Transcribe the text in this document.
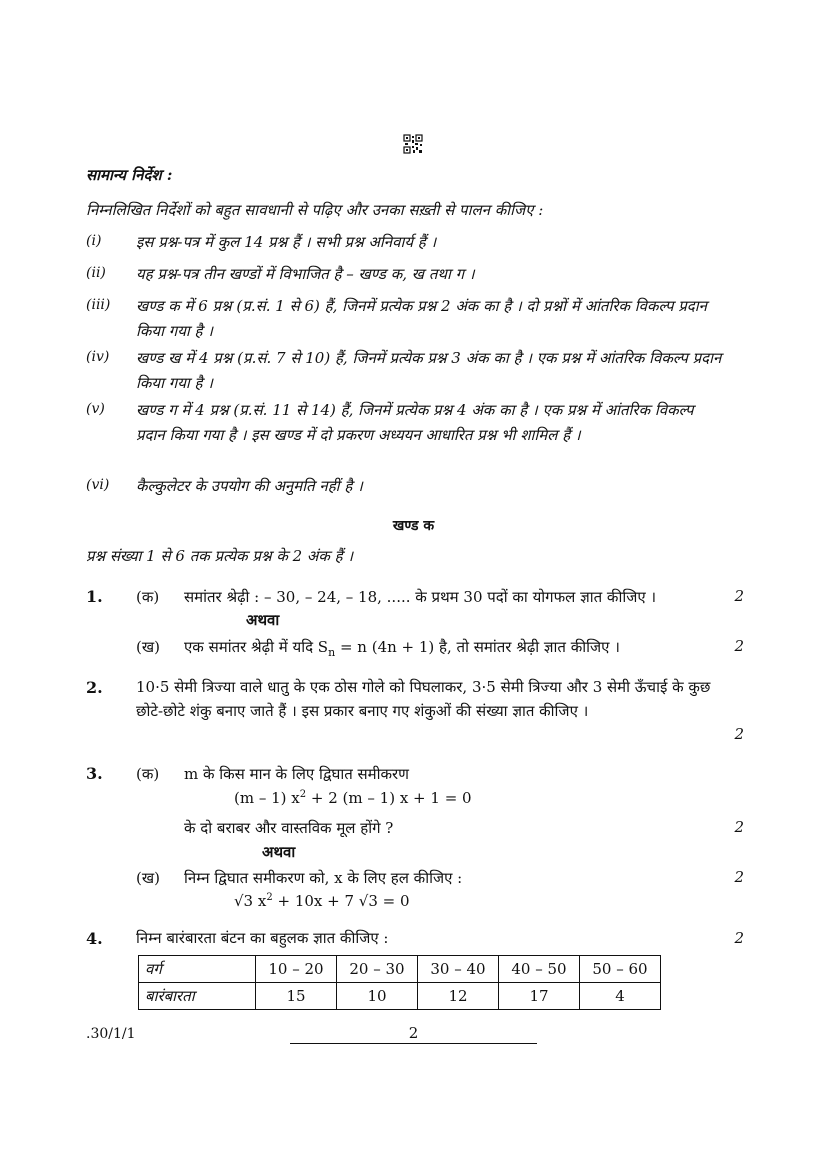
सामान्य निर्देश :
निम्नलिखित निर्देशों को बहुत सावधानी से पढ़िए और उनका सख़्ती से पालन कीजिए :
(i)	इस प्रश्न-पत्र में कुल 14 प्रश्न हैं । सभी प्रश्न अनिवार्य हैं ।
(ii)	यह प्रश्न-पत्र तीन खण्डों में विभाजित है – खण्ड क, ख तथा ग ।
(iii)	खण्ड क में 6 प्रश्न (प्र.सं. 1 से 6) हैं, जिनमें प्रत्येक प्रश्न 2 अंक का है । दो प्रश्नों में आंतरिक विकल्प प्रदान किया गया है ।
(iv)	खण्ड ख में 4 प्रश्न (प्र.सं. 7 से 10) हैं, जिनमें प्रत्येक प्रश्न 3 अंक का है । एक प्रश्न में आंतरिक विकल्प प्रदान किया गया है ।
(v)	खण्ड ग में 4 प्रश्न (प्र.सं. 11 से 14) हैं, जिनमें प्रत्येक प्रश्न 4 अंक का है । एक प्रश्न में आंतरिक विकल्प प्रदान किया गया है । इस खण्ड में दो प्रकरण अध्ययन आधारित प्रश्न भी शामिल हैं ।
(vi)	कैल्कुलेटर के उपयोग की अनुमति नहीं है ।
खण्ड क
प्रश्न संख्या 1 से 6 तक प्रत्येक प्रश्न के 2 अंक हैं ।
1. (क) समांतर श्रेढ़ी : – 30, – 24, – 18, ..... के प्रथम 30 पदों का योगफल ज्ञात कीजिए ।	2
अथवा
(ख) एक समांतर श्रेढ़ी में यदि $S_n = n$ (4n + 1) है, तो समांतर श्रेढ़ी ज्ञात कीजिए ।	2
2. 10·5 सेमी त्रिज्या वाले धातु के एक ठोस गोले को पिघलाकर, 3·5 सेमी त्रिज्या और 3 सेमी ऊँचाई के कुछ छोटे-छोटे शंकु बनाए जाते हैं । इस प्रकार बनाए गए शंकुओं की संख्या ज्ञात कीजिए ।
2
3. (क) m के किस मान के लिए द्विघात समीकरण
(m – 1) $x^2 + 2$ (m – 1) x + 1 = 0
के दो बराबर और वास्तविक मूल होंगे ?	2
अथवा
(ख) निम्न द्विघात समीकरण को, x के लिए हल कीजिए :	2
√3 $x^2 + 10x + 7$ √3 = 0
4. निम्न बारंबारता बंटन का बहुलक ज्ञात कीजिए :	2
वर्ग	10 – 20	20 – 30	30 – 40	40 – 50	50 – 60
बारंबारता	15	10	12	17	4
.30/1/1	2
